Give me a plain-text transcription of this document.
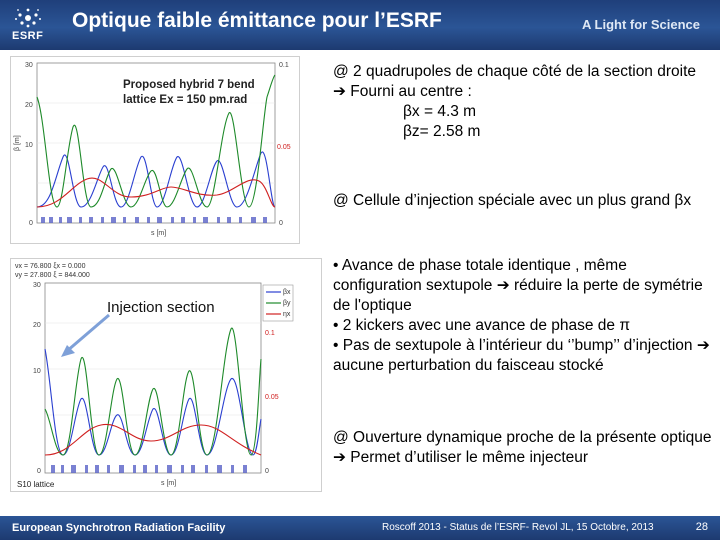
ESRF
Optique faible émittance pour l’ESRF	A Light for Science
Proposed hybrid 7 bend
lattice Ex = 150 pm.rad
30
20
10
0
0.1
0.05
0
s [m]
β [m]
νx = 76.800 ξx = 0.000
νy = 27.800 ξ = 844.000
Injection section
βx
βy
ηx
30
20
10
0
0.1
0.05
0
s [m]
S10 lattice
@ 2 quadrupoles de chaque côté de la section droite
➔ Fourni au centre :
βx = 4.3 m
βz= 2.58 m
@ Cellule d’injection spéciale avec un plus grand βx
• Avance de phase totale identique , même configuration sextupole ➔ réduire la perte de symétrie de l'optique
• 2 kickers avec une avance de phase de π
• Pas de sextupole à l’intérieur du ‘’bump’’ d’injection ➔ aucune perturbation du faisceau stocké
@ Ouverture dynamique proche de la présente optique
➔ Permet d’utiliser le même injecteur
European Synchrotron Radiation Facility	Roscoff 2013 - Status de l’ESRF- Revol JL, 15 Octobre, 2013	28
